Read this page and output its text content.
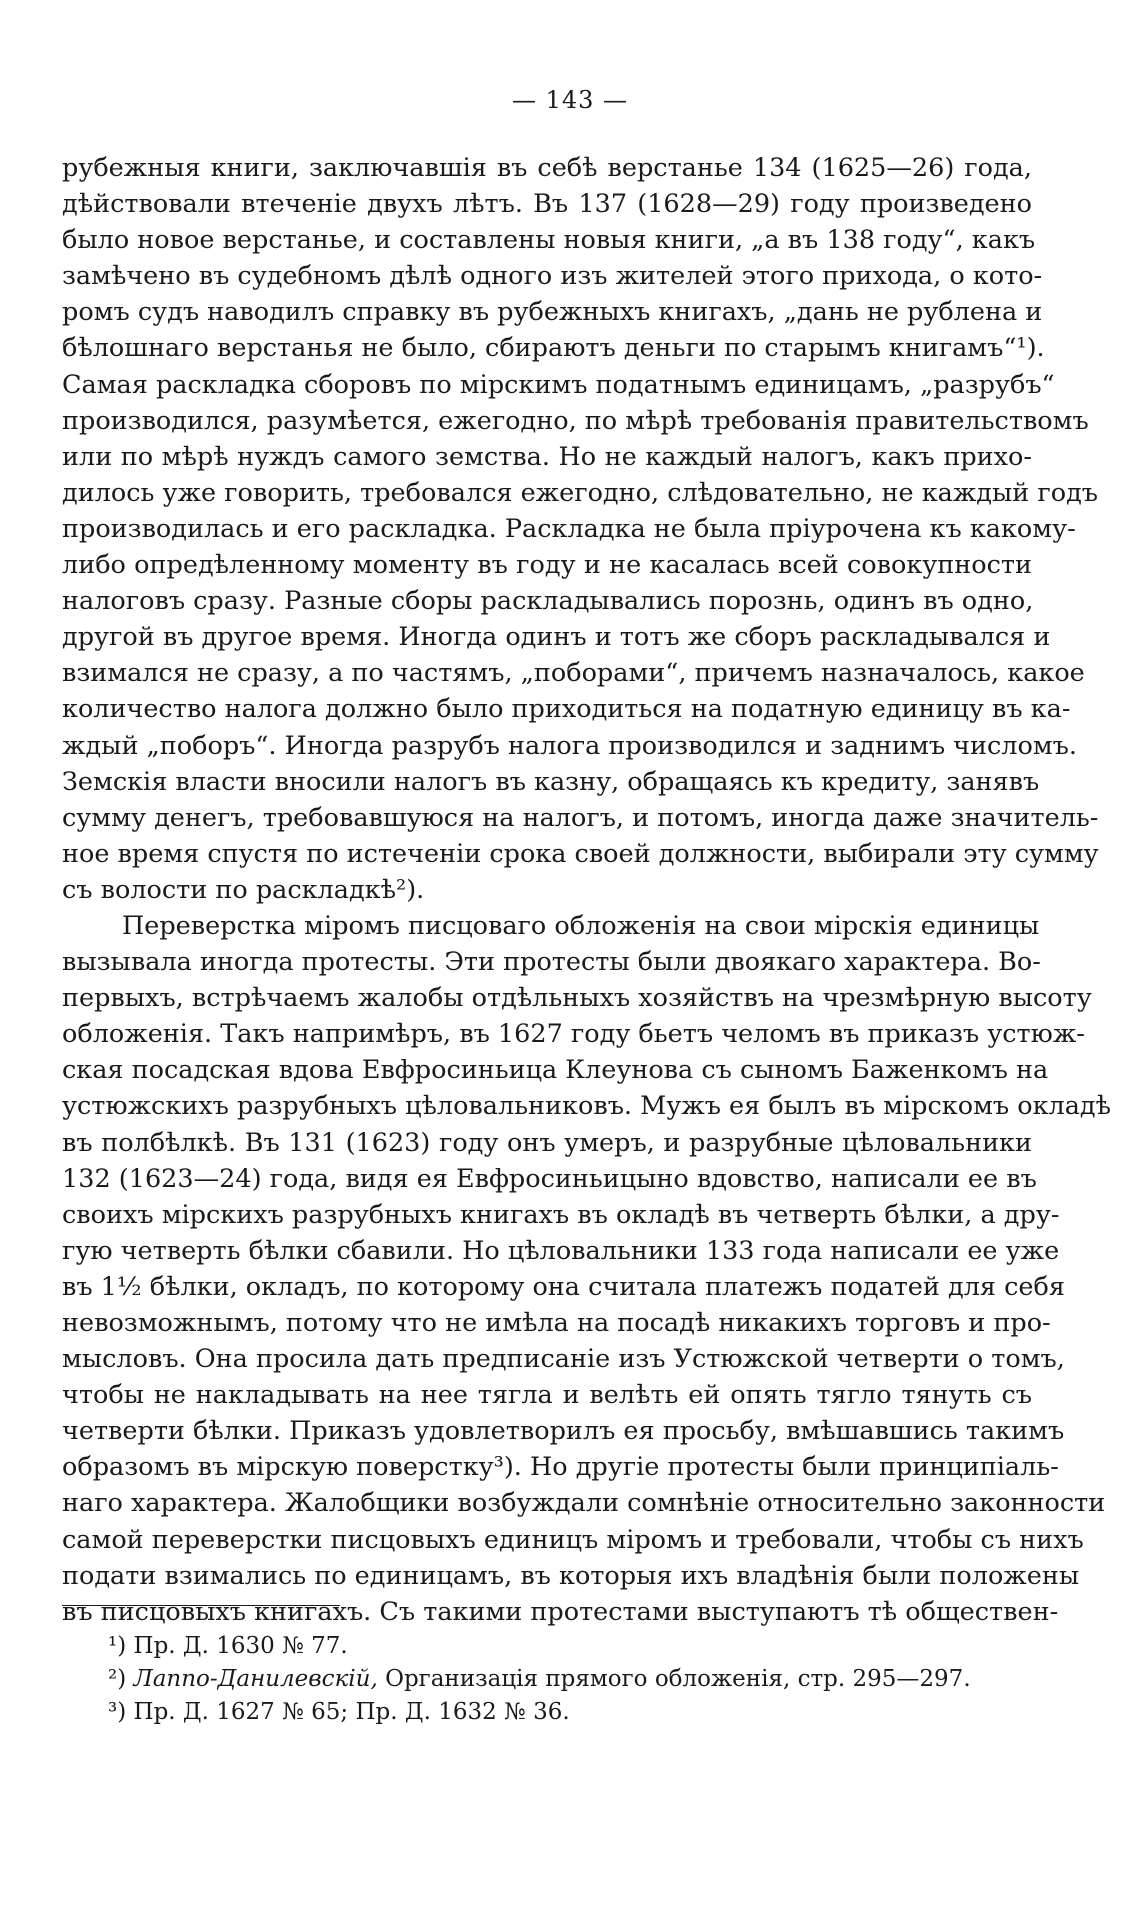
— 143 —
рубежныя книги, заключавшія въ себѣ верстанье 134 (1625—26) года,
дѣйствовали втеченіе двухъ лѣтъ. Въ 137 (1628—29) году произведено
было новое верстанье, и составлены новыя книги, „а въ 138 году“, какъ
замѣчено въ судебномъ дѣлѣ одного изъ жителей этого прихода, о кото-
ромъ судъ наводилъ справку въ рубежныхъ книгахъ, „дань не рублена и
бѣлошнаго верстанья не было, сбираютъ деньги по старымъ книгамъ“¹).
Самая раскладка сборовъ по мірскимъ податнымъ единицамъ, „разрубъ“
производился, разумѣется, ежегодно, по мѣрѣ требованія правительствомъ
или по мѣрѣ нуждъ самого земства. Но не каждый налогъ, какъ прихо-
дилось уже говорить, требовался ежегодно, слѣдовательно, не каждый годъ
производилась и его раскладка. Раскладка не была пріурочена къ какому-
либо опредѣленному моменту въ году и не касалась всей совокупности
налоговъ сразу. Разные сборы раскладывались порознь, одинъ въ одно,
другой въ другое время. Иногда одинъ и тотъ же сборъ раскладывался и
взимался не сразу, а по частямъ, „поборами“, причемъ назначалось, какое
количество налога должно было приходиться на податную единицу въ ка-
ждый „поборъ“. Иногда разрубъ налога производился и заднимъ числомъ.
Земскія власти вносили налогъ въ казну, обращаясь къ кредиту, занявъ
сумму денегъ, требовавшуюся на налогъ, и потомъ, иногда даже значитель-
ное время спустя по истеченіи срока своей должности, выбирали эту сумму
съ волости по раскладкѣ²).
Переверстка міромъ писцоваго обложенія на свои мірскія единицы
вызывала иногда протесты. Эти протесты были двоякаго характера. Во-
первыхъ, встрѣчаемъ жалобы отдѣльныхъ хозяйствъ на чрезмѣрную высоту
обложенія. Такъ напримѣръ, въ 1627 году бьетъ челомъ въ приказъ устюж-
ская посадская вдова Евфросиньица Клеунова съ сыномъ Баженкомъ на
устюжскихъ разрубныхъ цѣловальниковъ. Мужъ ея былъ въ мірскомъ окладѣ
въ полбѣлкѣ. Въ 131 (1623) году онъ умеръ, и разрубные цѣловальники
132 (1623—24) года, видя ея Евфросиньицыно вдовство, написали ее въ
своихъ мірскихъ разрубныхъ книгахъ въ окладѣ въ четверть бѣлки, а дру-
гую четверть бѣлки сбавили. Но цѣловальники 133 года написали ее уже
въ 1½ бѣлки, окладъ, по которому она считала платежъ податей для себя
невозможнымъ, потому что не имѣла на посадѣ никакихъ торговъ и про-
мысловъ. Она просила дать предписаніе изъ Устюжской четверти о томъ,
чтобы не накладывать на нее тягла и велѣть ей опять тягло тянуть съ
четверти бѣлки. Приказъ удовлетворилъ ея просьбу, вмѣшавшись такимъ
образомъ въ мірскую поверстку³). Но другіе протесты были принципіаль-
наго характера. Жалобщики возбуждали сомнѣніе относительно законности
самой переверстки писцовыхъ единицъ міромъ и требовали, чтобы съ нихъ
подати взимались по единицамъ, въ которыя ихъ владѣнія были положены
въ писцовыхъ книгахъ. Съ такими протестами выступаютъ тѣ обществен-
¹) Пр. Д. 1630 № 77.
²) Лаппо-Данилевскій, Организація прямого обложенія, стр. 295—297.
³) Пр. Д. 1627 № 65; Пр. Д. 1632 № 36.
